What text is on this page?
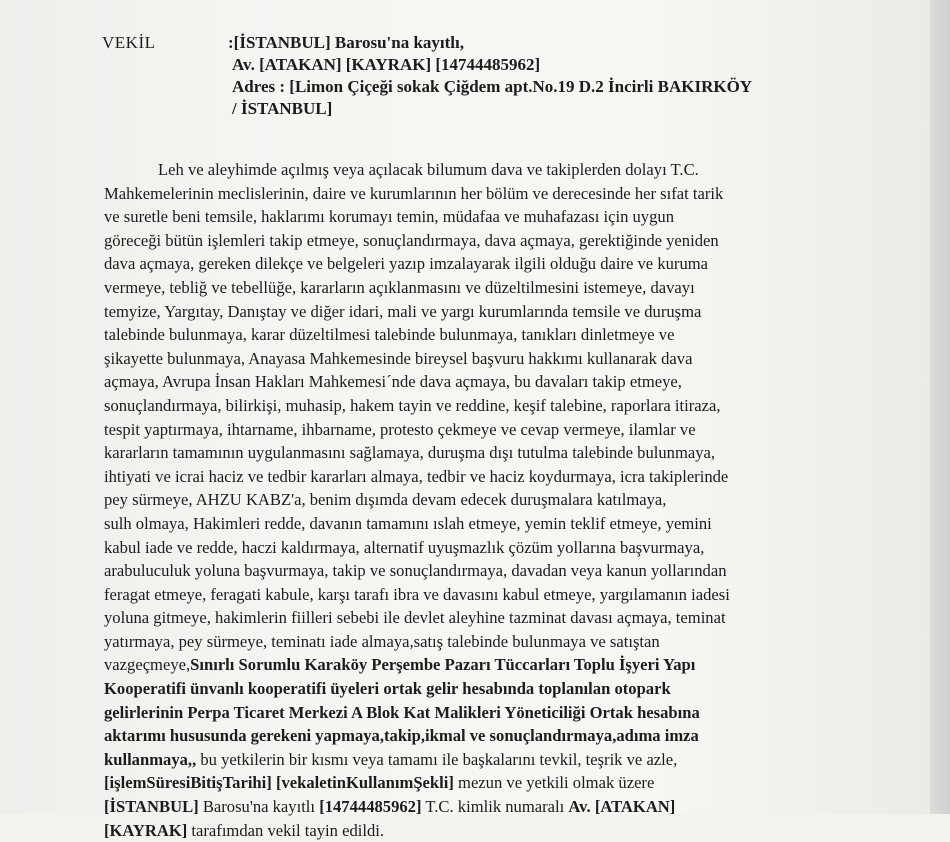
VEKİL	:[İSTANBUL] Barosu'na kayıtlı,
Av. [ATAKAN] [KAYRAK] [14744485962]
Adres : [Limon Çiçeği sokak Çiğdem apt.No.19 D.2 İncirli BAKIRKÖY
/ İSTANBUL]
Leh ve aleyhimde açılmış veya açılacak bilumum dava ve takiplerden dolayı T.C.
Mahkemelerinin meclislerinin, daire ve kurumlarının her bölüm ve derecesinde her sıfat tarik
ve suretle beni temsile, haklarımı korumayı temin, müdafaa ve muhafazası için uygun
göreceği bütün işlemleri takip etmeye, sonuçlandırmaya, dava açmaya, gerektiğinde yeniden
dava açmaya, gereken dilekçe ve belgeleri yazıp imzalayarak ilgili olduğu daire ve kuruma
vermeye, tebliğ ve tebellüğe, kararların açıklanmasını ve düzeltilmesini istemeye, davayı
temyize, Yargıtay, Danıştay ve diğer idari, mali ve yargı kurumlarında temsile ve duruşma
talebinde bulunmaya, karar düzeltilmesi talebinde bulunmaya, tanıkları dinletmeye ve
şikayette bulunmaya, Anayasa Mahkemesinde bireysel başvuru hakkımı kullanarak dava
açmaya, Avrupa İnsan Hakları Mahkemesi´nde dava açmaya, bu davaları takip etmeye,
sonuçlandırmaya, bilirkişi, muhasip, hakem tayin ve reddine, keşif talebine, raporlara itiraza,
tespit yaptırmaya, ihtarname, ihbarname, protesto çekmeye ve cevap vermeye, ilamlar ve
kararların tamamının uygulanmasını sağlamaya, duruşma dışı tutulma talebinde bulunmaya,
ihtiyati ve icrai haciz ve tedbir kararları almaya, tedbir ve haciz koydurmaya, icra takiplerinde
pey sürmeye, AHZU KABZ'a, benim dışımda devam edecek duruşmalara katılmaya,
sulh olmaya, Hakimleri redde, davanın tamamını ıslah etmeye, yemin teklif etmeye, yemini
kabul iade ve redde, haczi kaldırmaya, alternatif uyuşmazlık çözüm yollarına başvurmaya,
arabuluculuk yoluna başvurmaya, takip ve sonuçlandırmaya, davadan veya kanun yollarından
feragat etmeye, feragati kabule, karşı tarafı ibra ve davasını kabul etmeye, yargılamanın iadesi
yoluna gitmeye, hakimlerin fiilleri sebebi ile devlet aleyhine tazminat davası açmaya, teminat
yatırmaya, pey sürmeye, teminatı iade almaya,satış talebinde bulunmaya ve satıştan
vazgeçmeye,Sınırlı Sorumlu Karaköy Perşembe Pazarı Tüccarları Toplu İşyeri Yapı
Kooperatifi ünvanlı kooperatifi üyeleri ortak gelir hesabında toplanılan otopark
gelirlerinin Perpa Ticaret Merkezi A Blok Kat Malikleri Yöneticiliği Ortak hesabına
aktarımı hususunda gerekeni yapmaya,takip,ikmal ve sonuçlandırmaya,adıma imza
kullanmaya,, bu yetkilerin bir kısmı veya tamamı ile başkalarını tevkil, teşrik ve azle,
[işlemSüresiBitişTarihi] [vekaletinKullanımŞekli] mezun ve yetkili olmak üzere
[İSTANBUL] Barosu'na kayıtlı [14744485962] T.C. kimlik numaralı Av. [ATAKAN]
[KAYRAK] tarafımdan vekil tayin edildi.
